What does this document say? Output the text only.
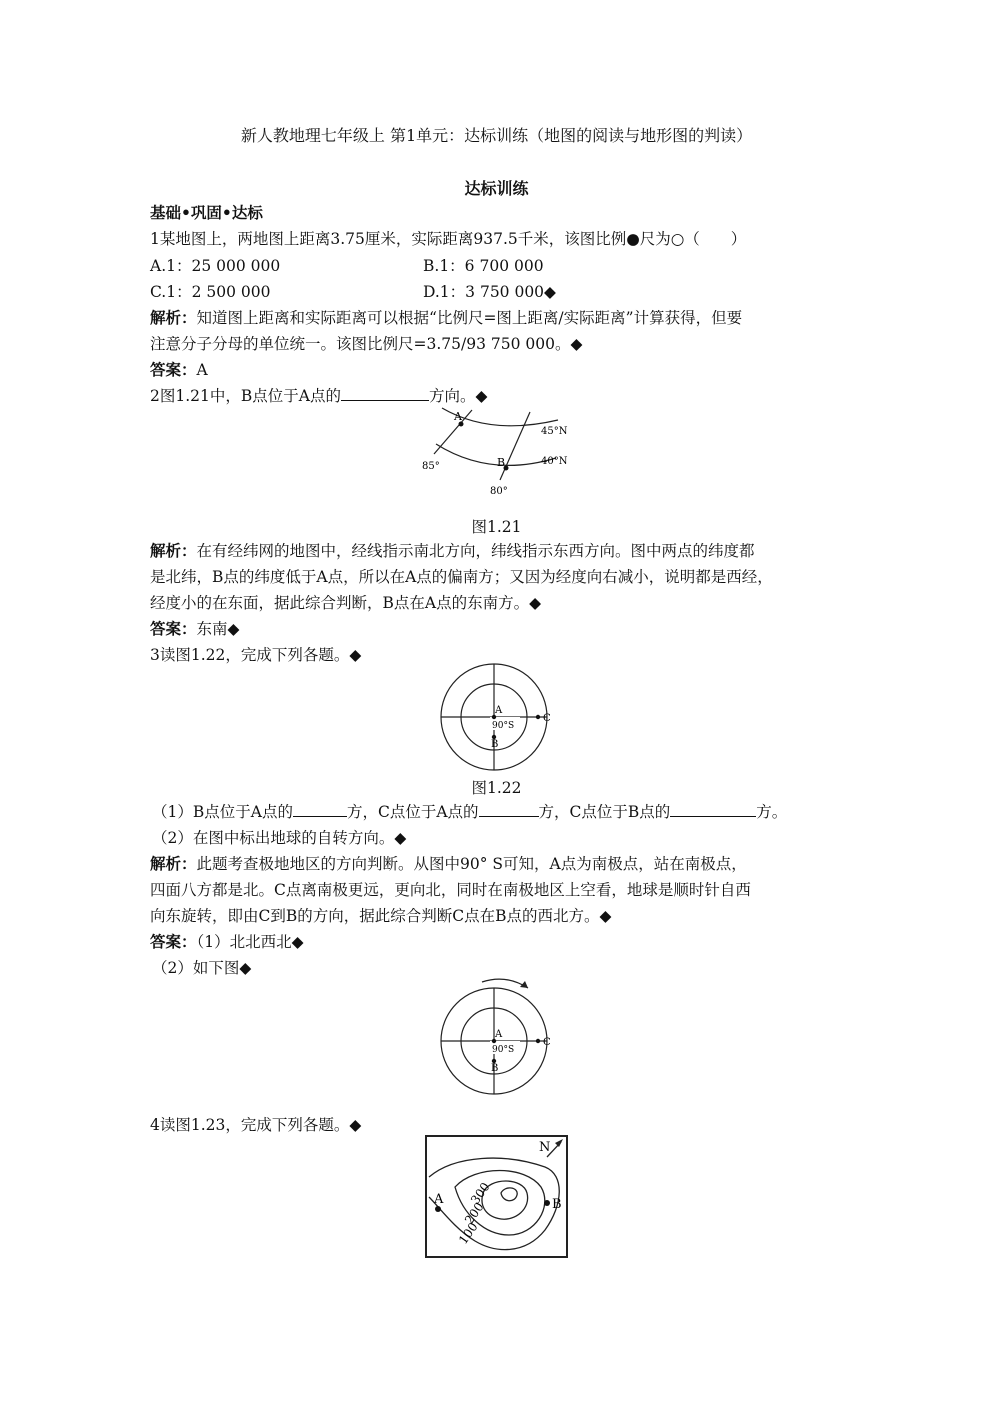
新人教地理七年级上 第1单元：达标训练（地图的阅读与地形图的判读）
达标训练
基础•巩固•达标
1某地图上，两地图上距离3.75厘米，实际距离937.5千米，该图比例●尺为○（　　）
A.1：25 000 000	B.1：6 700 000
C.1：2 500 000	D.1：3 750 000◆
解析：知道图上距离和实际距离可以根据“比例尺=图上距离/实际距离”计算获得，但要
注意分子分母的单位统一。该图比例尺=3.75/93 750 000。◆
答案：A
2图1.21中，B点位于A点的	方向。◆
A
B
45°N
40°N
85°
80°
图1.21
解析：在有经纬网的地图中，经线指示南北方向，纬线指示东西方向。图中两点的纬度都
是北纬，B点的纬度低于A点，所以在A点的偏南方；又因为经度向右减小，说明都是西经，
经度小的在东面，据此综合判断，B点在A点的东南方。◆
答案：东南◆
3读图1.22，完成下列各题。◆
A
90°S
B
C
图1.22
（1）B点位于A点的	方，C点位于A点的	方，C点位于B点的	方。
（2）在图中标出地球的自转方向。◆
解析：此题考查极地地区的方向判断。从图中90° S可知，A点为南极点，站在南极点，
四面八方都是北。C点离南极更远，更向北，同时在南极地区上空看，地球是顺时针自西
向东旋转，即由C到B的方向，据此综合判断C点在B点的西北方。◆
答案：（1）北北西北◆
（2）如下图◆
A
90°S
B
C
4读图1.23，完成下列各题。◆
N
A	B
300
200
100
